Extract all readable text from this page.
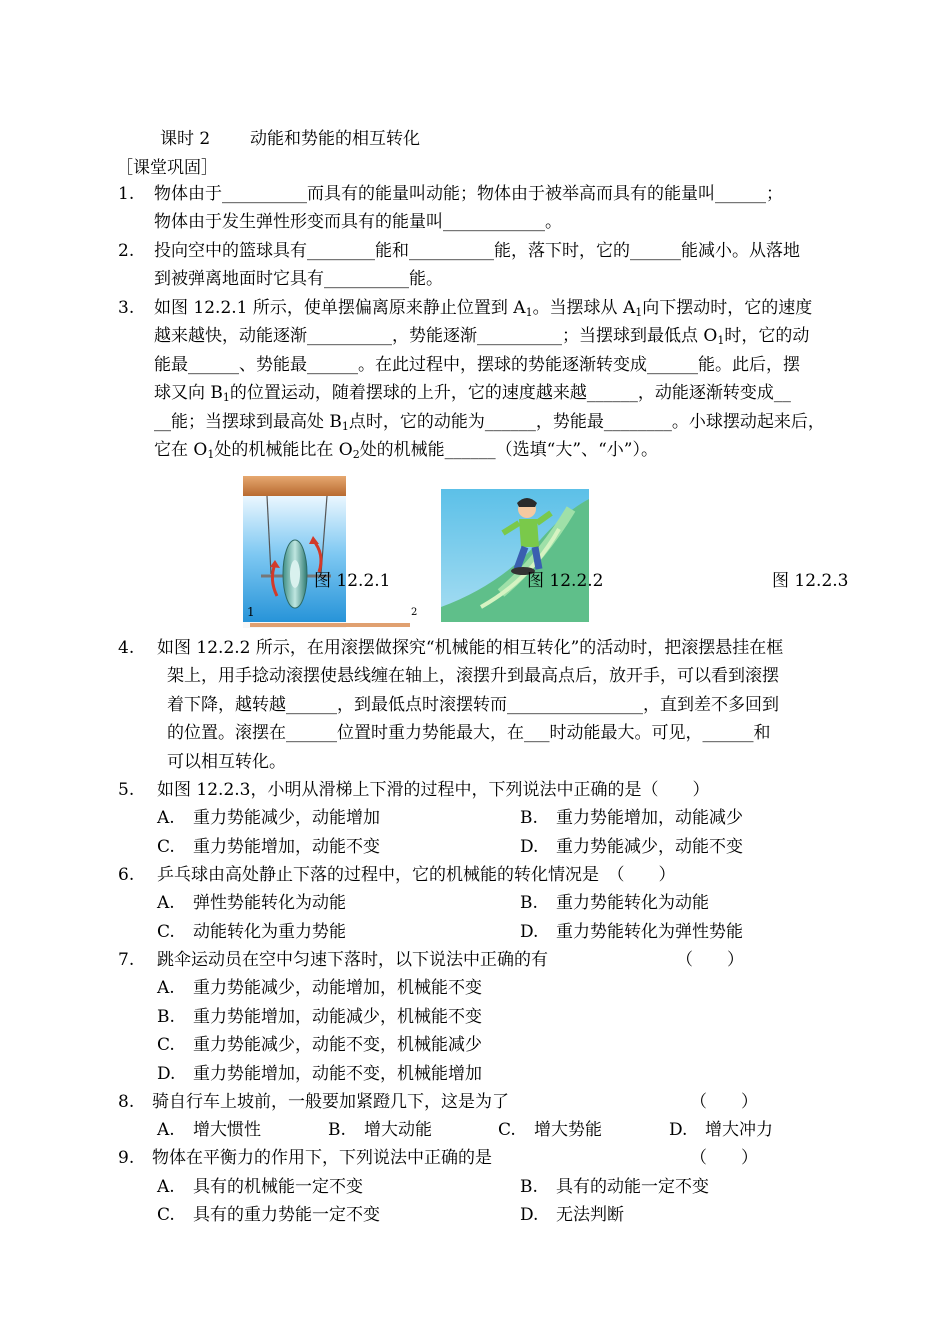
课时 2 动能和势能的相互转化
［课堂巩固］
1. 物体由于__________而具有的能量叫动能；物体由于被举高而具有的能量叫______；
物体由于发生弹性形变而具有的能量叫____________。
2. 投向空中的篮球具有________能和__________能，落下时，它的______能减小。从落地
到被弹离地面时它具有__________能。
3. 如图 12.2.1 所示，使单摆偏离原来静止位置到 $A_1$。当摆球从 $A_1$向下摆动时，它的速度
越来越快，动能逐渐__________，势能逐渐__________；当摆球到最低点 $O_1$时，它的动
能最______、势能最______。在此过程中，摆球的势能逐渐转变成______能。此后，摆
球又向 $B_1$的位置运动，随着摆球的上升，它的速度越来越______，动能逐渐转变成__
__能；当摆球到最高处 $B_1$点时，它的动能为______，势能最________。小球摆动起来后，
它在 $O_1$处的机械能比在 $O_2$处的机械能______（选填“大”、“小”）。
1	2
图 12.2.1	图 12.2.2	图 12.2.3
4. 如图 12.2.2 所示，在用滚摆做探究“机械能的相互转化”的活动时，把滚摆悬挂在框
架上，用手捻动滚摆使悬线缠在轴上，滚摆升到最高点后，放开手，可以看到滚摆
着下降，越转越______，到最低点时滚摆转而________________，直到差不多回到
的位置。滚摆在______位置时重力势能最大，在___时动能最大。可见，______和
可以相互转化。
5. 如图 12.2.3，小明从滑梯上下滑的过程中，下列说法中正确的是（　　）
A. 重力势能减少，动能增加	B. 重力势能增加，动能减少
C. 重力势能增加，动能不变	D. 重力势能减少，动能不变
6. 乒乓球由高处静止下落的过程中，它的机械能的转化情况是　（　　）
A. 弹性势能转化为动能	B. 重力势能转化为动能
C. 动能转化为重力势能	D. 重力势能转化为弹性势能
7. 跳伞运动员在空中匀速下落时，以下说法中正确的有	（　　）
A. 重力势能减少，动能增加，机械能不变
B. 重力势能增加，动能减少，机械能不变
C. 重力势能减少，动能不变，机械能减少
D. 重力势能增加，动能不变，机械能增加
8. 骑自行车上坡前，一般要加紧蹬几下，这是为了	（　　）
A. 增大惯性	B. 增大动能	C. 增大势能	D. 增大冲力
9. 物体在平衡力的作用下，下列说法中正确的是	（　　）
A. 具有的机械能一定不变	B. 具有的动能一定不变
C. 具有的重力势能一定不变	D. 无法判断
